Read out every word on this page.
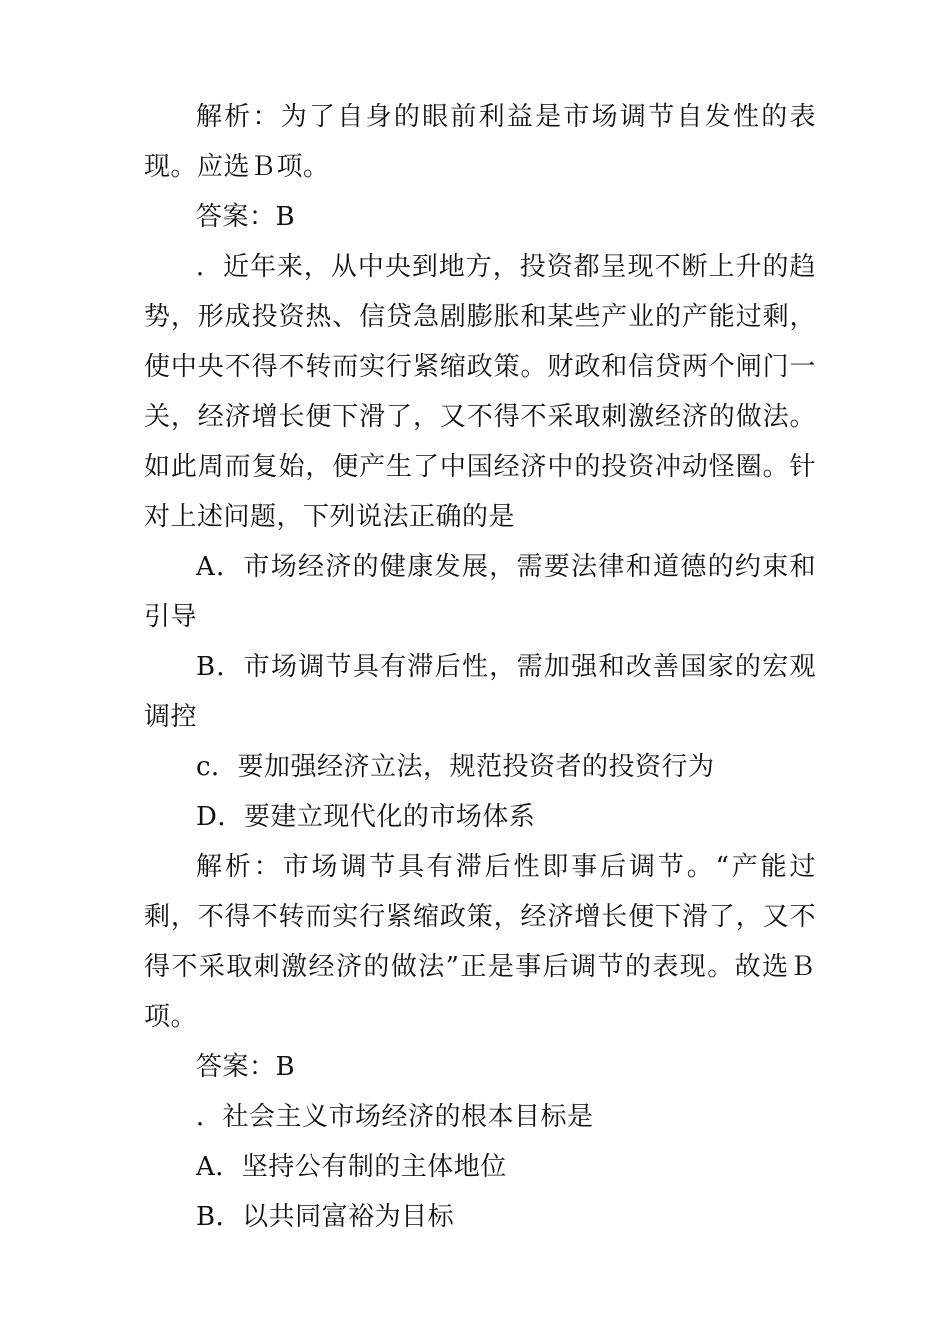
解析：为了自身的眼前利益是市场调节自发性的表现。应选Ｂ项。

答案：B

．近年来，从中央到地方，投资都呈现不断上升的趋势，形成投资热、信贷急剧膨胀和某些产业的产能过剩，使中央不得不转而实行紧缩政策。财政和信贷两个闸门一关，经济增长便下滑了，又不得不采取刺激经济的做法。如此周而复始，便产生了中国经济中的投资冲动怪圈。针对上述问题，下列说法正确的是

A．市场经济的健康发展，需要法律和道德的约束和引导

B．市场调节具有滞后性，需加强和改善国家的宏观调控

c．要加强经济立法，规范投资者的投资行为

D．要建立现代化的市场体系

解析：市场调节具有滞后性即事后调节。“产能过剩，不得不转而实行紧缩政策，经济增长便下滑了，又不得不采取刺激经济的做法”正是事后调节的表现。故选Ｂ项。

答案：B

．社会主义市场经济的根本目标是

A．坚持公有制的主体地位

B．以共同富裕为目标
